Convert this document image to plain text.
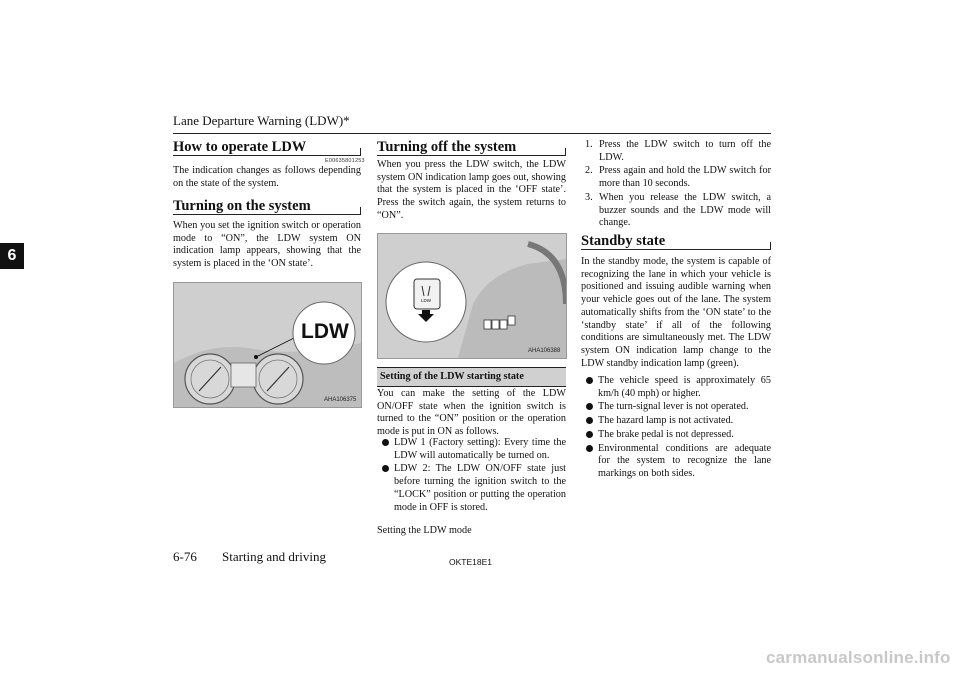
Lane Departure Warning (LDW)*
6
How to operate LDW
E00635801253
The indication changes as follows depending on the state of the system.
Turning on the system
When you set the ignition switch or operation mode to “ON”, the LDW system ON indication lamp appears, showing that the system is placed in the ‘ON state’.
LDW
AHA106375
Turning off the system
When you press the LDW switch, the LDW system ON indication lamp goes out, showing that the system is placed in the ‘OFF state’. Press the switch again, the system returns to “ON”.
LDW
AHA106388
Setting of the LDW starting state
You can make the setting of the LDW ON/OFF state when the ignition switch is turned to the “ON” position or the operation mode is put in ON as follows.
LDW 1 (Factory setting): Every time the LDW will automatically be turned on.
LDW 2: The LDW ON/OFF state just before turning the ignition switch to the “LOCK” position or putting the operation mode in OFF is stored.
Setting the LDW mode
1. Press the LDW switch to turn off the LDW.
2. Press again and hold the LDW switch for more than 10 seconds.
3. When you release the LDW switch, a buzzer sounds and the LDW mode will change.
Standby state
In the standby mode, the system is capable of recognizing the lane in which your vehicle is positioned and issuing audible warning when your vehicle goes out of the lane. The system automatically shifts from the ‘ON state’ to the ‘standby state’ if all of the following conditions are simultaneously met. The LDW system ON indication lamp change to the LDW standby indication lamp (green).
The vehicle speed is approximately 65 km/h (40 mph) or higher.
The turn-signal lever is not operated.
The hazard lamp is not activated.
The brake pedal is not depressed.
Environmental conditions are adequate for the system to recognize the lane markings on both sides.
6-76 Starting and driving	OKTE18E1
carmanualsonline.info
